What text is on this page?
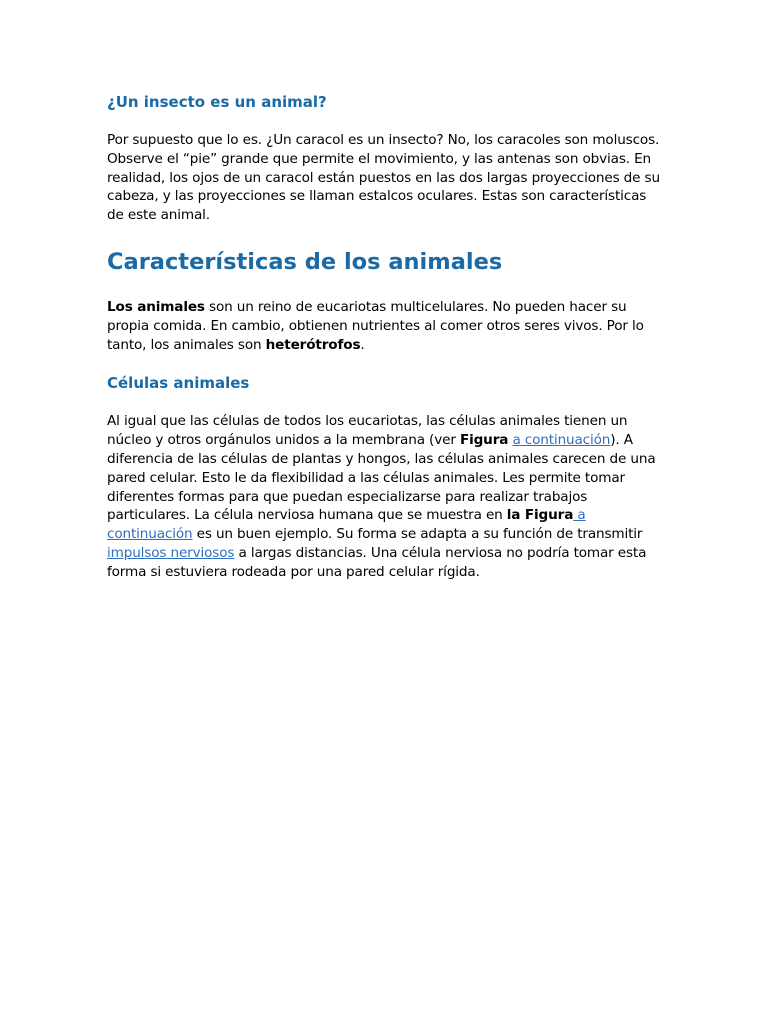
¿Un insecto es un animal?

Por supuesto que lo es. ¿Un caracol es un insecto? No, los caracoles son moluscos. Observe el “pie” grande que permite el movimiento, y las antenas son obvias. En realidad, los ojos de un caracol están puestos en las dos largas proyecciones de su cabeza, y las proyecciones se llaman estalcos oculares. Estas son características de este animal.

Características de los animales

Los animales son un reino de eucariotas multicelulares. No pueden hacer su propia comida. En cambio, obtienen nutrientes al comer otros seres vivos. Por lo tanto, los animales son heterótrofos.

Células animales

Al igual que las células de todos los eucariotas, las células animales tienen un núcleo y otros orgánulos unidos a la membrana (ver Figura a continuación). A diferencia de las células de plantas y hongos, las células animales carecen de una pared celular. Esto le da flexibilidad a las células animales. Les permite tomar diferentes formas para que puedan especializarse para realizar trabajos particulares. La célula nerviosa humana que se muestra en la Figura a continuación es un buen ejemplo. Su forma se adapta a su función de transmitir impulsos nerviosos a largas distancias. Una célula nerviosa no podría tomar esta forma si estuviera rodeada por una pared celular rígida.
